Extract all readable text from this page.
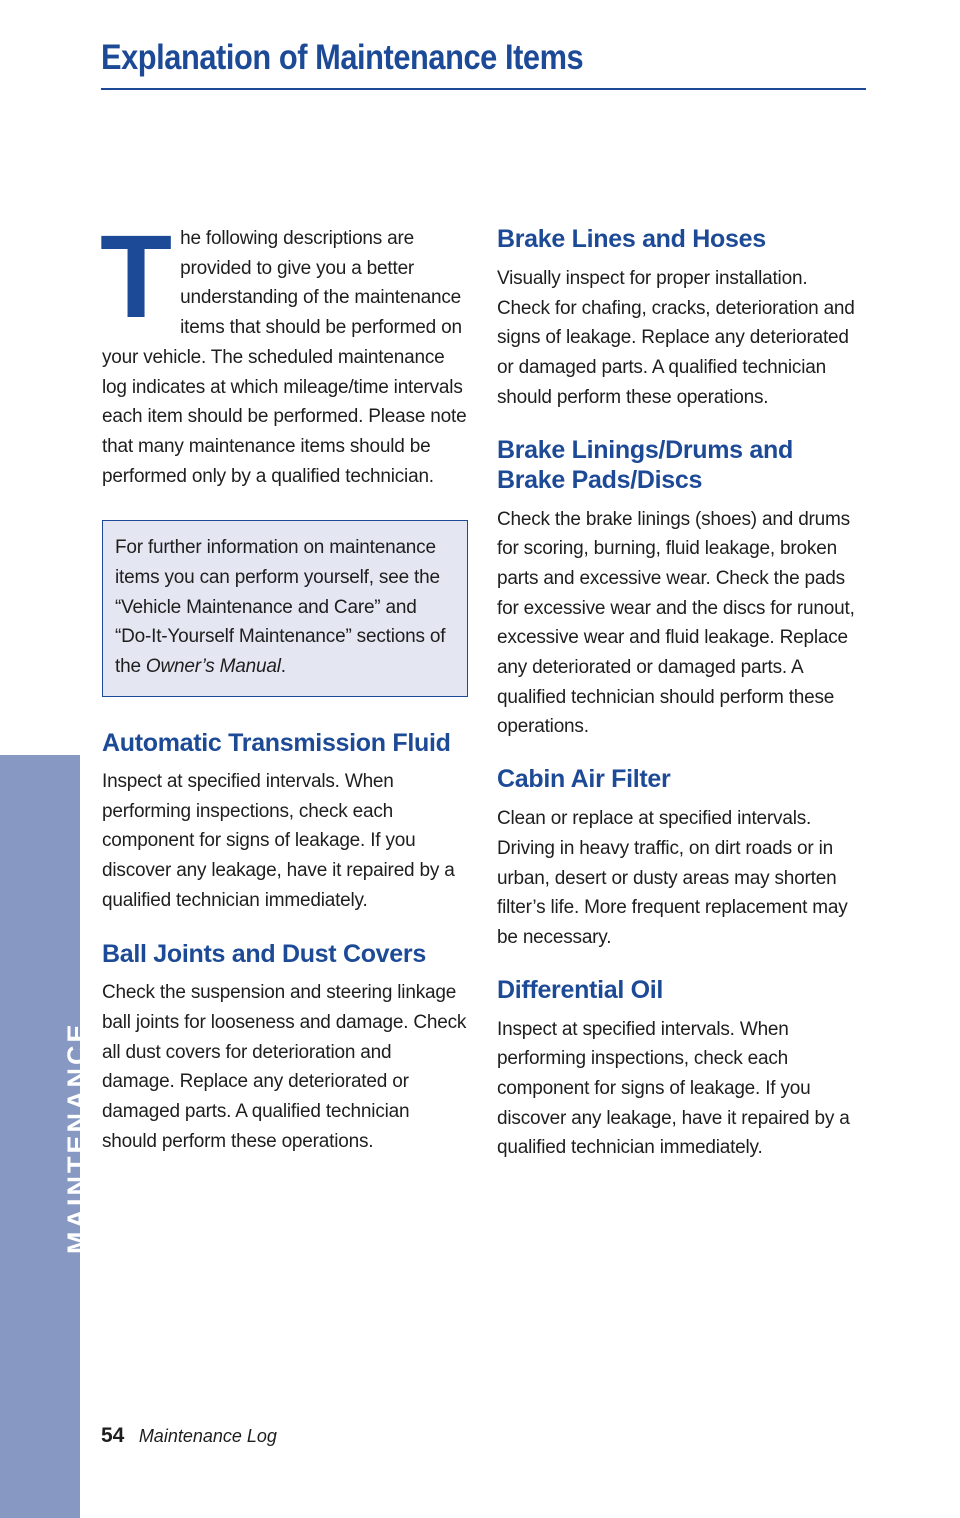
MAINTENANCE
Explanation of Maintenance Items
T he following descriptions are provided to give you a better understanding of the maintenance items that should be performed on your vehicle. The scheduled maintenance log indicates at which mileage/time intervals each item should be performed. Please note that many maintenance items should be performed only by a qualified technician.

For further information on maintenance items you can perform yourself, see the “Vehicle Maintenance and Care” and “Do-It-Yourself Maintenance” sections of the Owner’s Manual.

Automatic Transmission Fluid

Inspect at specified intervals. When performing inspections, check each component for signs of leakage. If you discover any leakage, have it repaired by a qualified technician immediately.

Ball Joints and Dust Covers

Check the suspension and steering linkage ball joints for looseness and damage. Check all dust covers for deterioration and damage. Replace any deteriorated or damaged parts. A qualified technician should perform these operations.

Brake Lines and Hoses

Visually inspect for proper installation. Check for chafing, cracks, deterioration and signs of leakage. Replace any deteriorated or damaged parts. A qualified technician should perform these operations.

Brake Linings/Drums and Brake Pads/Discs

Check the brake linings (shoes) and drums for scoring, burning, fluid leakage, broken parts and excessive wear. Check the pads for excessive wear and the discs for runout, excessive wear and fluid leakage. Replace any deteriorated or damaged parts. A qualified technician should perform these operations.

Cabin Air Filter

Clean or replace at specified intervals. Driving in heavy traffic, on dirt roads or in urban, desert or dusty areas may shorten filter’s life. More frequent replacement may be necessary.

Differential Oil

Inspect at specified intervals. When performing inspections, check each component for signs of leakage. If you discover any leakage, have it repaired by a qualified technician immediately.

54 Maintenance Log
